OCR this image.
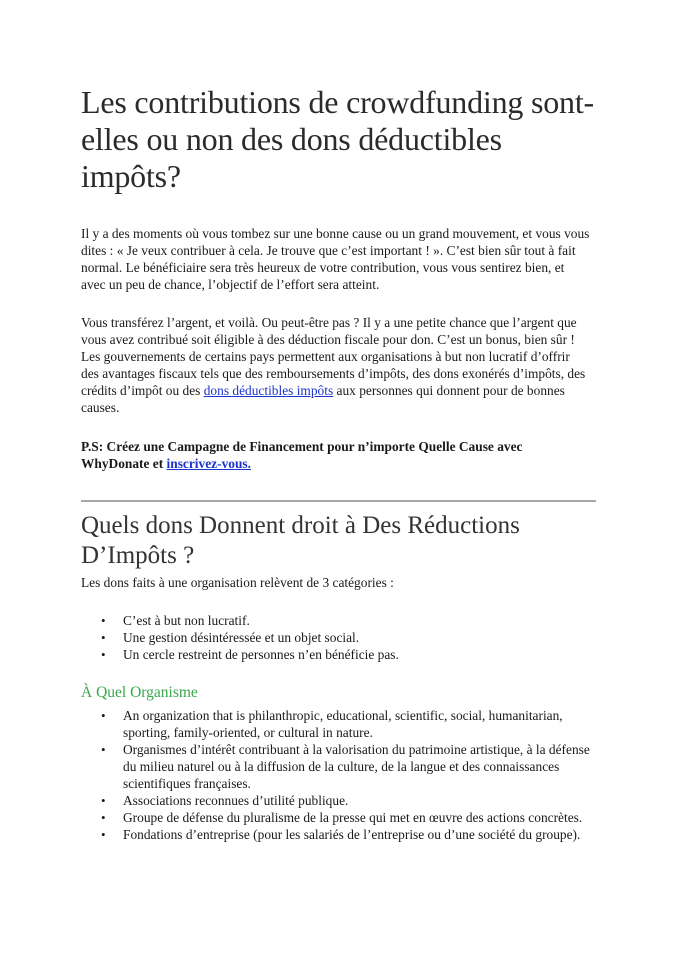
Les contributions de crowdfunding sont-elles ou non des dons déductibles impôts?

Il y a des moments où vous tombez sur une bonne cause ou un grand mouvement, et vous vous dites : « Je veux contribuer à cela. Je trouve que c’est important ! ». C’est bien sûr tout à fait normal. Le bénéficiaire sera très heureux de votre contribution, vous vous sentirez bien, et avec un peu de chance, l’objectif de l’effort sera atteint.

Vous transférez l’argent, et voilà. Ou peut-être pas ? Il y a une petite chance que l’argent que vous avez contribué soit éligible à des déduction fiscale pour don. C’est un bonus, bien sûr ! Les gouvernements de certains pays permettent aux organisations à but non lucratif d’offrir des avantages fiscaux tels que des remboursements d’impôts, des dons exonérés d’impôts, des crédits d’impôt ou des dons déductibles impôts aux personnes qui donnent pour de bonnes causes.

P.S: Créez une Campagne de Financement pour n’importe Quelle Cause avec WhyDonate et inscrivez-vous.

Quels dons Donnent droit à Des Réductions D’Impôts ?

Les dons faits à une organisation relèvent de 3 catégories :

• C’est à but non lucratif.
• Une gestion désintéressée et un objet social.
• Un cercle restreint de personnes n’en bénéficie pas.
À Quel Organisme
• An organization that is philanthropic, educational, scientific, social, humanitarian, sporting, family-oriented, or cultural in nature.
• Organismes d’intérêt contribuant à la valorisation du patrimoine artistique, à la défense du milieu naturel ou à la diffusion de la culture, de la langue et des connaissances scientifiques françaises.
• Associations reconnues d’utilité publique.
• Groupe de défense du pluralisme de la presse qui met en œuvre des actions concrètes.
• Fondations d’entreprise (pour les salariés de l’entreprise ou d’une société du groupe).
